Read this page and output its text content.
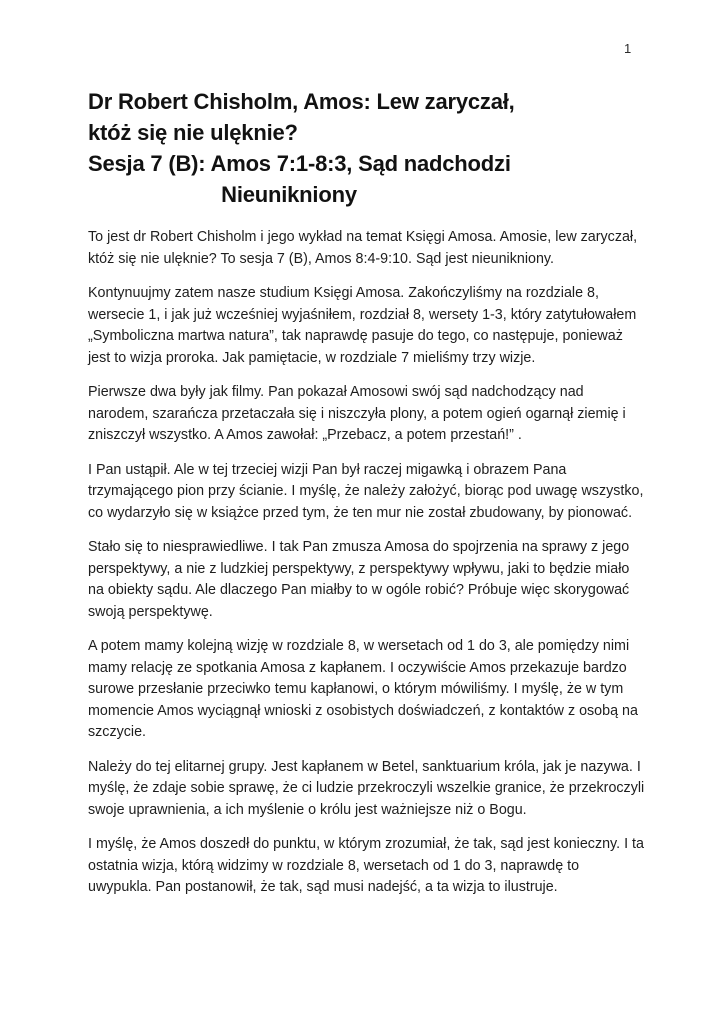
1
Dr Robert Chisholm, Amos: Lew zaryczał,
któż się nie ulęknie?
Sesja 7 (B): Amos 7:1-8:3, Sąd nadchodzi
Nieunikniony

To jest dr Robert Chisholm i jego wykład na temat Księgi Amosa. Amosie, lew zaryczał, któż się nie ulęknie? To sesja 7 (B), Amos 8:4-9:10. Sąd jest nieunikniony.

Kontynuujmy zatem nasze studium Księgi Amosa. Zakończyliśmy na rozdziale 8, wersecie 1, i jak już wcześniej wyjaśniłem, rozdział 8, wersety 1-3, który zatytułowałem „Symboliczna martwa natura”, tak naprawdę pasuje do tego, co następuje, ponieważ jest to wizja proroka. Jak pamiętacie, w rozdziale 7 mieliśmy trzy wizje.

Pierwsze dwa były jak filmy. Pan pokazał Amosowi swój sąd nadchodzący nad narodem, szarańcza przetaczała się i niszczyła plony, a potem ogień ogarnął ziemię i zniszczył wszystko. A Amos zawołał: „Przebacz, a potem przestań!” .

I Pan ustąpił. Ale w tej trzeciej wizji Pan był raczej migawką i obrazem Pana trzymającego pion przy ścianie. I myślę, że należy założyć, biorąc pod uwagę wszystko, co wydarzyło się w książce przed tym, że ten mur nie został zbudowany, by pionować.

Stało się to niesprawiedliwe. I tak Pan zmusza Amosa do spojrzenia na sprawy z jego perspektywy, a nie z ludzkiej perspektywy, z perspektywy wpływu, jaki to będzie miało na obiekty sądu. Ale dlaczego Pan miałby to w ogóle robić? Próbuje więc skorygować swoją perspektywę.

A potem mamy kolejną wizję w rozdziale 8, w wersetach od 1 do 3, ale pomiędzy nimi mamy relację ze spotkania Amosa z kapłanem. I oczywiście Amos przekazuje bardzo surowe przesłanie przeciwko temu kapłanowi, o którym mówiliśmy. I myślę, że w tym momencie Amos wyciągnął wnioski z osobistych doświadczeń, z kontaktów z osobą na szczycie.

Należy do tej elitarnej grupy. Jest kapłanem w Betel, sanktuarium króla, jak je nazywa. I myślę, że zdaje sobie sprawę, że ci ludzie przekroczyli wszelkie granice, że przekroczyli swoje uprawnienia, a ich myślenie o królu jest ważniejsze niż o Bogu.

I myślę, że Amos doszedł do punktu, w którym zrozumiał, że tak, sąd jest konieczny. I ta ostatnia wizja, którą widzimy w rozdziale 8, wersetach od 1 do 3, naprawdę to uwypukla. Pan postanowił, że tak, sąd musi nadejść, a ta wizja to ilustruje.
